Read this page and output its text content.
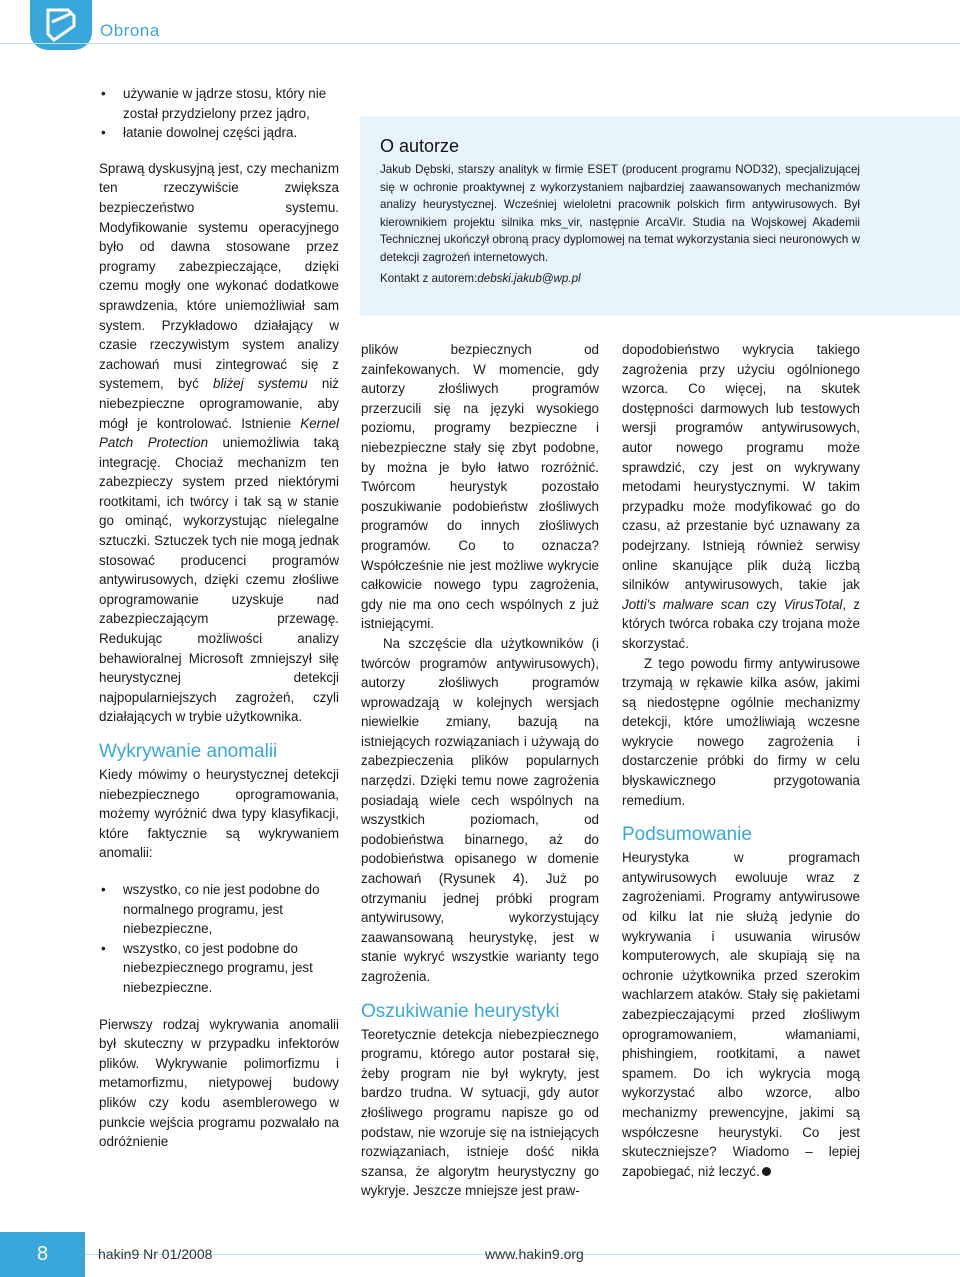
Obrona
• używanie w jądrze stosu, który nie został przydzielony przez jądro,
• łatanie dowolnej części jądra.

Sprawą dyskusyjną jest, czy mechanizm ten rzeczywiście zwiększa bezpieczeństwo systemu. Modyfikowanie systemu operacyjnego było od dawna stosowane przez programy zabezpieczające, dzięki czemu mogły one wykonać dodatkowe sprawdzenia, które uniemożliwiał sam system. Przykładowo działający w czasie rzeczywistym system analizy zachowań musi zintegrować się z systemem, być bliżej systemu niż niebezpieczne oprogramowanie, aby mógł je kontrolować. Istnienie Kernel Patch Protection uniemożliwia taką integrację. Chociaż mechanizm ten zabezpieczy system przed niektórymi rootkitami, ich twórcy i tak są w stanie go ominąć, wykorzystując nielegalne sztuczki. Sztuczek tych nie mogą jednak stosować producenci programów antywirusowych, dzięki czemu złośliwe oprogramowanie uzyskuje nad zabezpieczającym przewagę. Redukując możliwości analizy behawioralnej Microsoft zmniejszył siłę heurystycznej detekcji najpopularniejszych zagrożeń, czyli działających w trybie użytkownika.

Wykrywanie anomalii

Kiedy mówimy o heurystycznej detekcji niebezpiecznego oprogramowania, możemy wyróżnić dwa typy klasyfikacji, które faktycznie są wykrywaniem anomalii:

• wszystko, co nie jest podobne do normalnego programu, jest niebezpieczne,
• wszystko, co jest podobne do niebezpiecznego programu, jest niebezpieczne.

Pierwszy rodzaj wykrywania anomalii był skuteczny w przypadku infektorów plików. Wykrywanie polimorfizmu i metamorfizmu, nietypowej budowy plików czy kodu asemblerowego w punkcie wejścia programu pozwalało na odróżnienie

O autorze
Jakub Dębski, starszy analityk w firmie ESET (producent programu NOD32), specjalizującej się w ochronie proaktywnej z wykorzystaniem najbardziej zaawansowanych mechanizmów analizy heurystycznej. Wcześniej wieloletni pracownik polskich firm antywirusowych. Był kierownikiem projektu silnika mks_vir, następnie ArcaVir. Studia na Wojskowej Akademii Technicznej ukończył obroną pracy dyplomowej na temat wykorzystania sieci neuronowych w detekcji zagrożeń internetowych.
Kontakt z autorem:debski.jakub@wp.pl

plików bezpiecznych od zainfekowanych. W momencie, gdy autorzy złośliwych programów przerzucili się na języki wysokiego poziomu, programy bezpieczne i niebezpieczne stały się zbyt podobne, by można je było łatwo rozróżnić. Twórcom heurystyk pozostało poszukiwanie podobieństw złośliwych programów do innych złośliwych programów. Co to oznacza? Współcześnie nie jest możliwe wykrycie całkowicie nowego typu zagrożenia, gdy nie ma ono cech wspólnych z już istniejącymi.

Na szczęście dla użytkowników (i twórców programów antywirusowych), autorzy złośliwych programów wprowadzają w kolejnych wersjach niewielkie zmiany, bazują na istniejących rozwiązaniach i używają do zabezpieczenia plików popularnych narzędzi. Dzięki temu nowe zagrożenia posiadają wiele cech wspólnych na wszystkich poziomach, od podobieństwa binarnego, aż do podobieństwa opisanego w domenie zachowań (Rysunek 4). Już po otrzymaniu jednej próbki program antywirusowy, wykorzystujący zaawansowaną heurystykę, jest w stanie wykryć wszystkie warianty tego zagrożenia.

Oszukiwanie heurystyki

Teoretycznie detekcja niebezpiecznego programu, którego autor postarał się, żeby program nie był wykryty, jest bardzo trudna. W sytuacji, gdy autor złośliwego programu napisze go od podstaw, nie wzoruje się na istniejących rozwiązaniach, istnieje dość nikła szansa, że algorytm heurystyczny go wykryje. Jeszcze mniejsze jest praw-

dopodobieństwo wykrycia takiego zagrożenia przy użyciu ogólnionego wzorca. Co więcej, na skutek dostępności darmowych lub testowych wersji programów antywirusowych, autor nowego programu może sprawdzić, czy jest on wykrywany metodami heurystycznymi. W takim przypadku może modyfikować go do czasu, aż przestanie być uznawany za podejrzany. Istnieją również serwisy online skanujące plik dużą liczbą silników antywirusowych, takie jak Jotti's malware scan czy VirusTotal, z których twórca robaka czy trojana może skorzystać.

Z tego powodu firmy antywirusowe trzymają w rękawie kilka asów, jakimi są niedostępne ogólnie mechanizmy detekcji, które umożliwiają wczesne wykrycie nowego zagrożenia i dostarczenie próbki do firmy w celu błyskawicznego przygotowania remedium.

Podsumowanie

Heurystyka w programach antywirusowych ewoluuje wraz z zagrożeniami. Programy antywirusowe od kilku lat nie służą jedynie do wykrywania i usuwania wirusów komputerowych, ale skupiają się na ochronie użytkownika przed szerokim wachlarzem ataków. Stały się pakietami zabezpieczającymi przed złośliwym oprogramowaniem, włamaniami, phishingiem, rootkitami, a nawet spamem. Do ich wykrycia mogą wykorzystać albo wzorce, albo mechanizmy prewencyjne, jakimi są współczesne heurystyki. Co jest skuteczniejsze? Wiadomo – lepiej zapobiegać, niż leczyć.

8	hakin9 Nr 01/2008	www.hakin9.org
